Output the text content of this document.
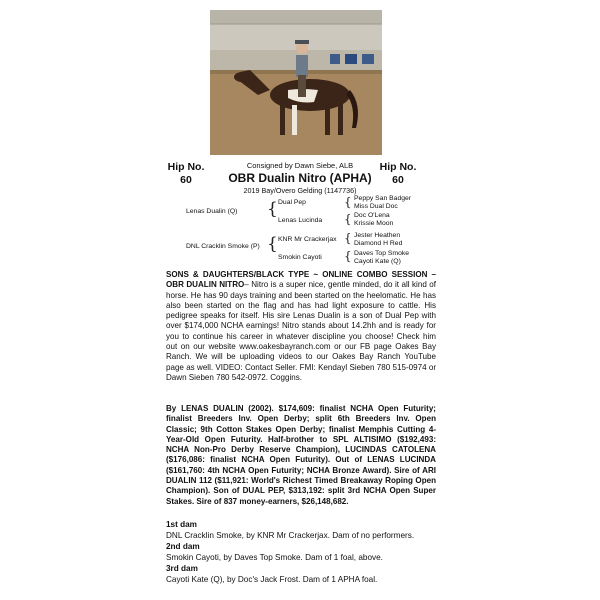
Hip No.
60
Hip No.
60
Consigned by Dawn Siebe, ALB
OBR Dualin Nitro (APHA)
2019 Bay/Overo Gelding (1147736)
Lenas Dualin (Q) { Dual Pep
Lenas Lucinda
{ Peppy San Badger
Miss Dual Doc
{ Doc O'Lena
Krissie Moon
DNL Cracklin Smoke (P) { KNR Mr Crackerjax
Smokin Cayoti
{ Jester Heathen
Diamond H Red
{ Daves Top Smoke
Cayoti Kate (Q)
SONS & DAUGHTERS/BLACK TYPE ~ ONLINE COMBO SESSION – OBR DUALIN NITRO– Nitro is a super nice, gentle minded, do it all kind of horse. He has 90 days training and been started on the heelomatic. He has also been started on the flag and has had light exposure to cattle. His pedigree speaks for itself. His sire Lenas Dualin is a son of Dual Pep with over $174,000 NCHA earnings! Nitro stands about 14.2hh and is ready for you to continue his career in whatever discipline you choose! Check him out on our website www.oakesbayranch.com or our FB page Oakes Bay Ranch. We will be uploading videos to our Oakes Bay Ranch YouTube page as well. VIDEO: Contact Seller. FMI: Kendayl Sieben 780 515-0974 or Dawn Sieben 780 542-0972. Coggins.
By LENAS DUALIN (2002). $174,609: finalist NCHA Open Futurity; finalist Breeders Inv. Open Derby; split 6th Breeders Inv. Open Classic; 9th Cotton Stakes Open Derby; finalist Memphis Cutting 4-Year-Old Open Futurity. Half-brother to SPL ALTISIMO ($192,493: NCHA Non-Pro Derby Reserve Champion), LUCINDAS CATOLENA ($176,086: finalist NCHA Open Futurity). Out of LENAS LUCINDA ($161,760: 4th NCHA Open Futurity; NCHA Bronze Award). Sire of ARI DUALIN 112 ($11,921: World's Richest Timed Breakaway Roping Open Champion). Son of DUAL PEP, $313,192: split 3rd NCHA Open Super Stakes. Sire of 837 money-earners, $26,148,682.
1st dam
DNL Cracklin Smoke, by KNR Mr Crackerjax. Dam of no performers.
2nd dam
Smokin Cayoti, by Daves Top Smoke. Dam of 1 foal, above.
3rd dam
Cayoti Kate (Q), by Doc's Jack Frost. Dam of 1 APHA foal.
